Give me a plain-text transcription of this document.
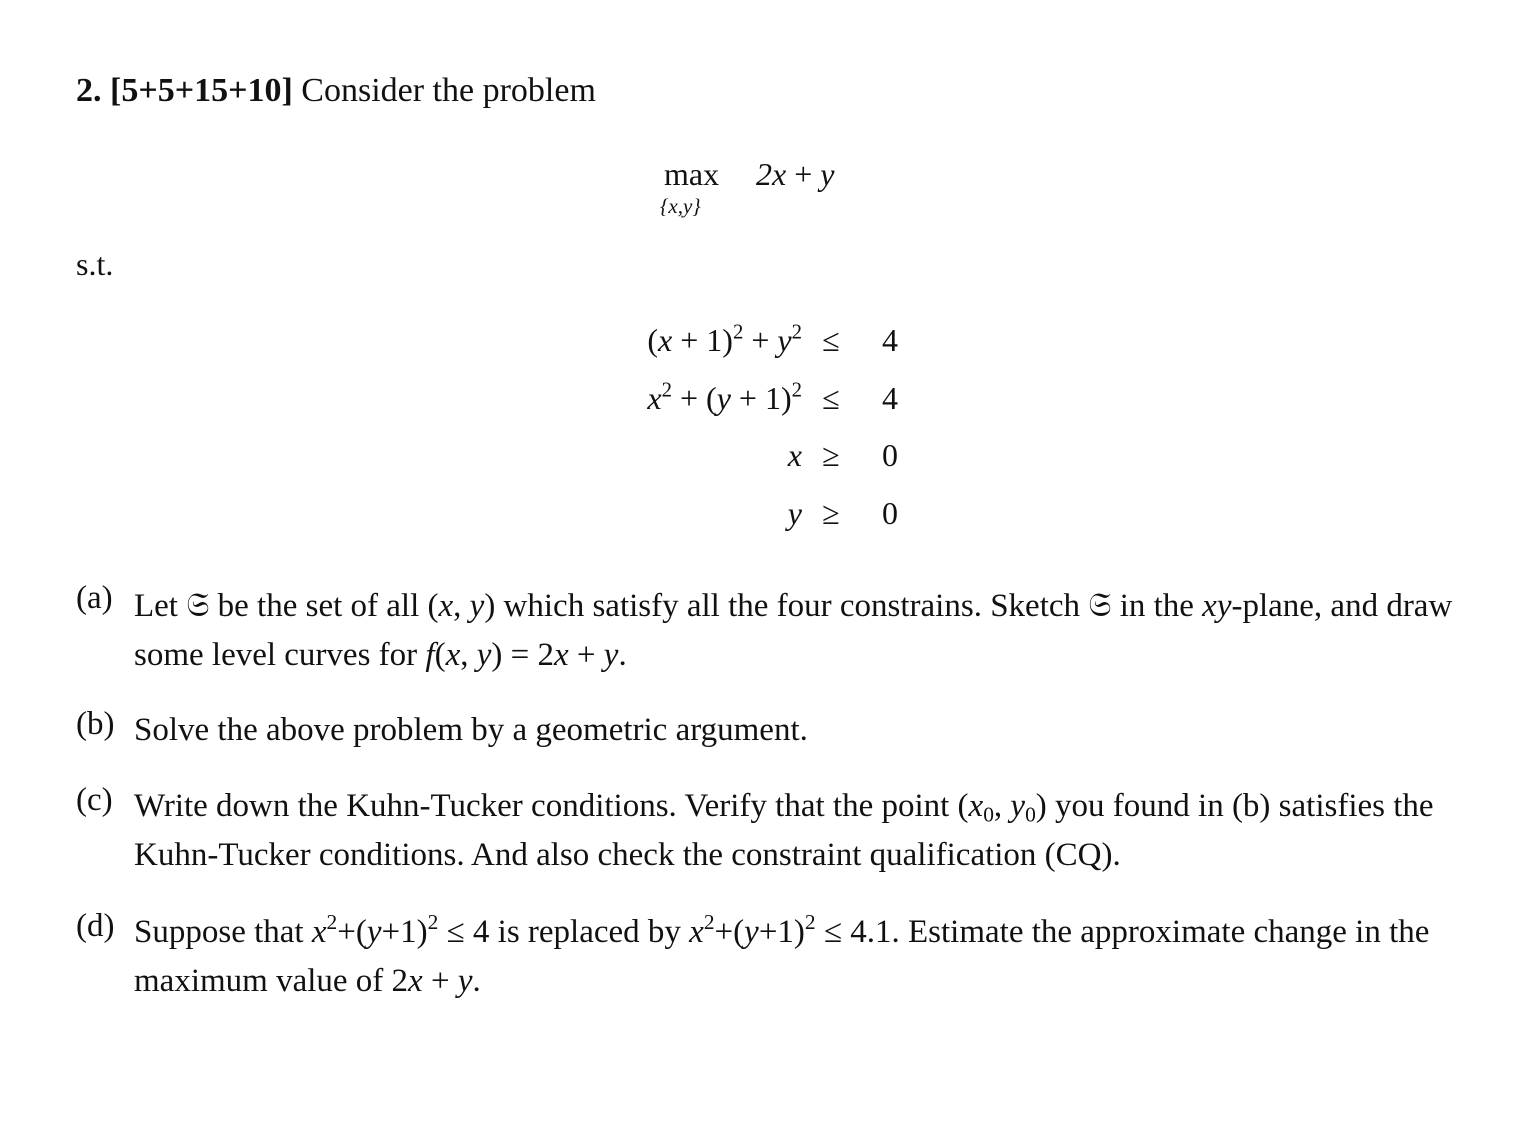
2. [5+5+15+10] Consider the problem
max
{x,y}
2x + y
s.t.
$(x + 1)^2 + y^2 \le 4$
$x^2 + (y + 1)^2 \le 4$
x ≥ 0
y ≥ 0
(a) Let 𝔖 be the set of all (x, y) which satisfy all the four constrains. Sketch 𝔖 in the xy-plane, and draw some level curves for f(x, y) = 2x + y.
(b) Solve the above problem by a geometric argument.
(c) Write down the Kuhn-Tucker conditions. Verify that the point ($x_0$, $y_0$) you found in (b) satisfies the Kuhn-Tucker conditions. And also check the constraint qualification (CQ).
(d) Suppose that $x^2+(y+1)^2 \le 4$ is replaced by $x^2+(y+1)^2 \le 4.1$. Estimate the approximate change in the maximum value of 2x + y.
